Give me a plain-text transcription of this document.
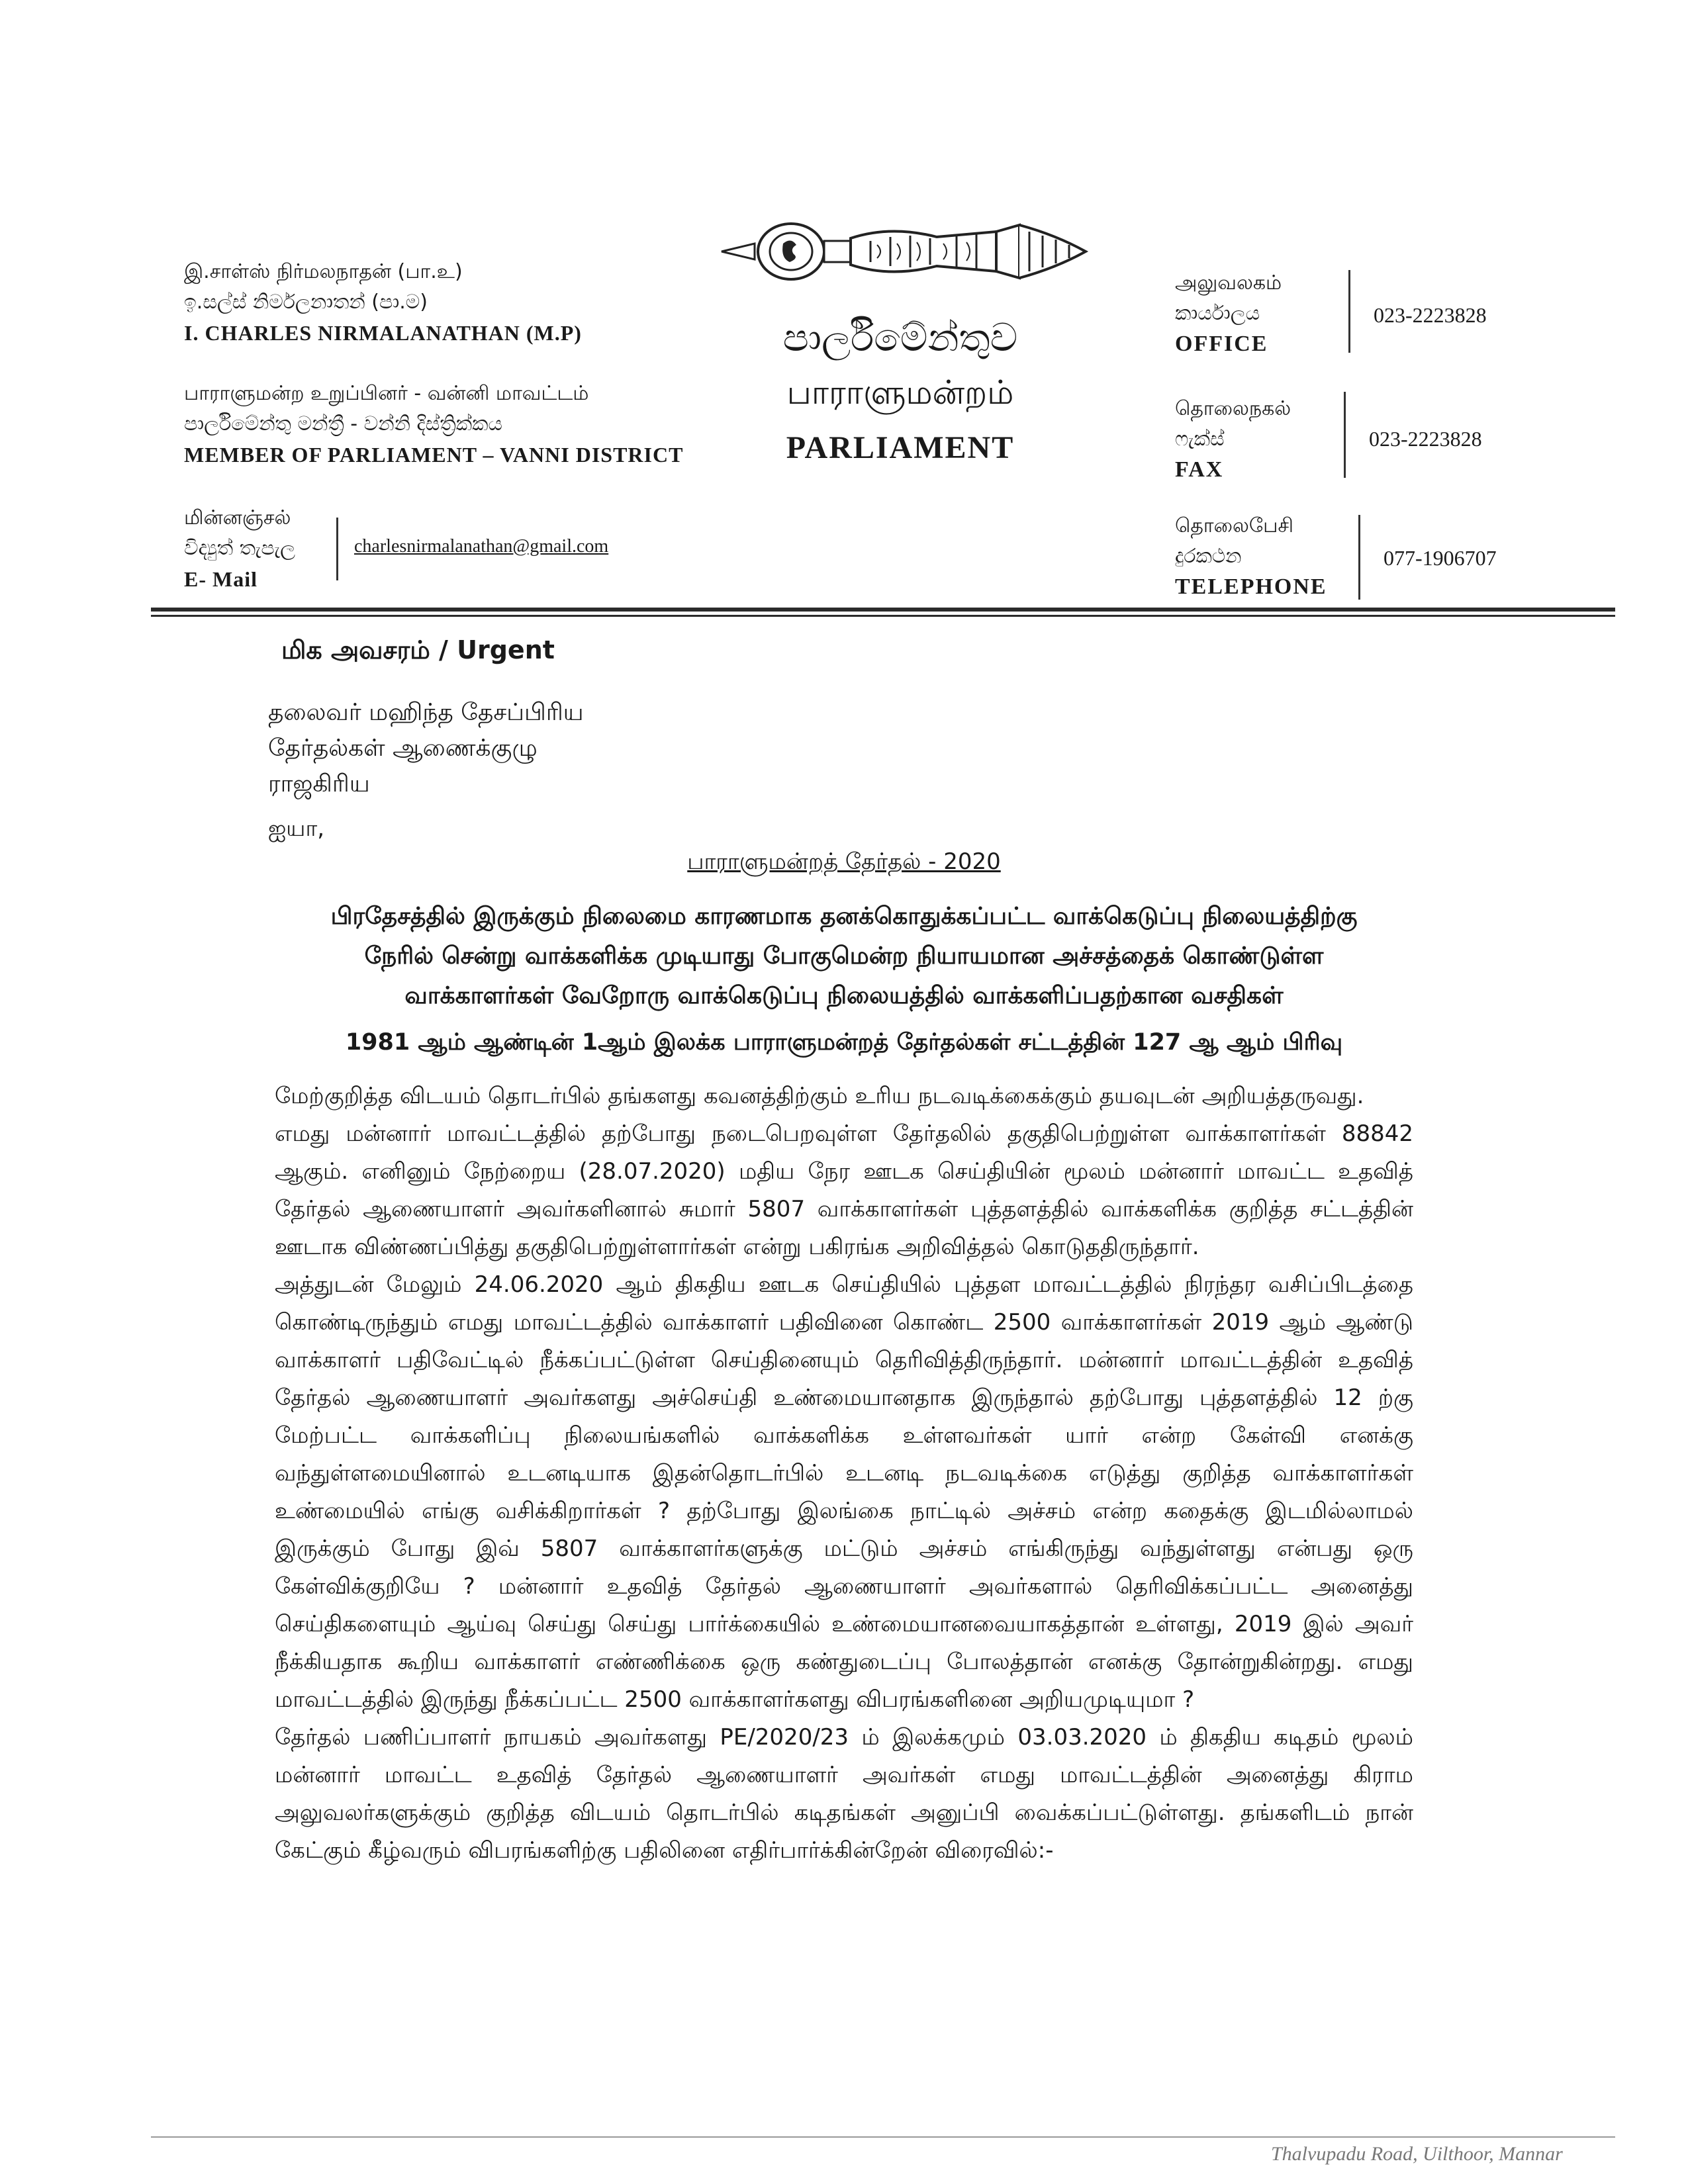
இ.சாள்ஸ் நிர்மலநாதன் (பா.உ)
ඉ.සල්ස් නිර්මලනාතන් (පා.ම)
I. CHARLES NIRMALANATHAN (M.P)
பாராளுமன்ற உறுப்பினர் - வன்னி மாவட்டம்
පාර්ලිමේන්තු මන්ත්‍රී - වන්නි දිස්ත්‍රික්කය
MEMBER OF PARLIAMENT – VANNI DISTRICT
மின்னஞ்சல்
විද්‍යුත් තැපැල
E- Mail
charlesnirmalanathan@gmail.com
පාර්ලිමේන්තුව
பாராளுமன்றம்
PARLIAMENT
அலுவலகம்
කාර්යාලය
OFFICE
023-2223828
தொலைநகல்
ෆැක්ස්
FAX
023-2223828
தொலைபேசி
දුරකථන
TELEPHONE
077-1906707
மிக அவசரம் / Urgent
தலைவர் மஹிந்த தேசப்பிரிய
தேர்தல்கள் ஆணைக்குழு
ராஜகிரிய
ஐயா,
பாராளுமன்றத் தேர்தல் - 2020
பிரதேசத்தில் இருக்கும் நிலைமை காரணமாக தனக்கொதுக்கப்பட்ட வாக்கெடுப்பு நிலையத்திற்கு
நேரில் சென்று வாக்களிக்க முடியாது போகுமென்ற நியாயமான அச்சத்தைக் கொண்டுள்ள
வாக்காளர்கள் வேறோரு வாக்கெடுப்பு நிலையத்தில் வாக்களிப்பதற்கான வசதிகள்
1981 ஆம் ஆண்டின் 1ஆம் இலக்க பாராளுமன்றத் தேர்தல்கள் சட்டத்தின் 127 ஆ ஆம் பிரிவு

மேற்குறித்த விடயம் தொடர்பில் தங்களது கவனத்திற்கும் உரிய நடவடிக்கைக்கும் தயவுடன் அறியத்தருவது.

எமது மன்னார் மாவட்டத்தில் தற்போது நடைபெறவுள்ள தேர்தலில் தகுதிபெற்றுள்ள வாக்காளர்கள் 88842 ஆகும். எனினும் நேற்றைய (28.07.2020) மதிய நேர ஊடக செய்தியின் மூலம் மன்னார் மாவட்ட உதவித் தேர்தல் ஆணையாளர் அவர்களினால் சுமார் 5807 வாக்காளர்கள் புத்தளத்தில் வாக்களிக்க குறித்த சட்டத்தின் ஊடாக விண்ணப்பித்து தகுதிபெற்றுள்ளார்கள் என்று பகிரங்க அறிவித்தல் கொடுததிருந்தார்.

அத்துடன் மேலும் 24.06.2020 ஆம் திகதிய ஊடக செய்தியில் புத்தள மாவட்டத்தில் நிரந்தர வசிப்பிடத்தை கொண்டிருந்தும் எமது மாவட்டத்தில் வாக்காளர் பதிவினை கொண்ட 2500 வாக்காளர்கள் 2019 ஆம் ஆண்டு வாக்காளர் பதிவேட்டில் நீக்கப்பட்டுள்ள செய்தினையும் தெரிவித்திருந்தார். மன்னார் மாவட்டத்தின் உதவித் தேர்தல் ஆணையாளர் அவர்களது அச்செய்தி உண்மையானதாக இருந்தால் தற்போது புத்தளத்தில் 12 ற்கு மேற்பட்ட வாக்களிப்பு நிலையங்களில் வாக்களிக்க உள்ளவர்கள் யார் என்ற கேள்வி எனக்கு வந்துள்ளமையினால் உடனடியாக இதன்தொடர்பில் உடனடி நடவடிக்கை எடுத்து குறித்த வாக்காளர்கள் உண்மையில் எங்கு வசிக்கிறார்கள் ? தற்போது இலங்கை நாட்டில் அச்சம் என்ற கதைக்கு இடமில்லாமல் இருக்கும் போது இவ் 5807 வாக்காளர்களுக்கு மட்டும் அச்சம் எங்கிருந்து வந்துள்ளது என்பது ஒரு கேள்விக்குறியே ? மன்னார் உதவித் தேர்தல் ஆணையாளர் அவர்களால் தெரிவிக்கப்பட்ட அனைத்து செய்திகளையும் ஆய்வு செய்து செய்து பார்க்கையில் உண்மையானவையாகத்தான் உள்ளது, 2019 இல் அவர் நீக்கியதாக கூறிய வாக்காளர் எண்ணிக்கை ஒரு கண்துடைப்பு போலத்தான் எனக்கு தோன்றுகின்றது. எமது மாவட்டத்தில் இருந்து நீக்கப்பட்ட 2500 வாக்காளர்களது விபரங்களினை அறியமுடியுமா ?

தேர்தல் பணிப்பாளர் நாயகம் அவர்களது PE/2020/23 ம் இலக்கமும் 03.03.2020 ம் திகதிய கடிதம் மூலம் மன்னார் மாவட்ட உதவித் தேர்தல் ஆணையாளர் அவர்கள் எமது மாவட்டத்தின் அனைத்து கிராம அலுவலர்களுக்கும் குறித்த விடயம் தொடர்பில் கடிதங்கள் அனுப்பி வைக்கப்பட்டுள்ளது. தங்களிடம் நான் கேட்கும் கீழ்வரும் விபரங்களிற்கு பதிலினை எதிர்பார்க்கின்றேன் விரைவில்:-

Thalvupadu Road, Uilthoor, Mannar
